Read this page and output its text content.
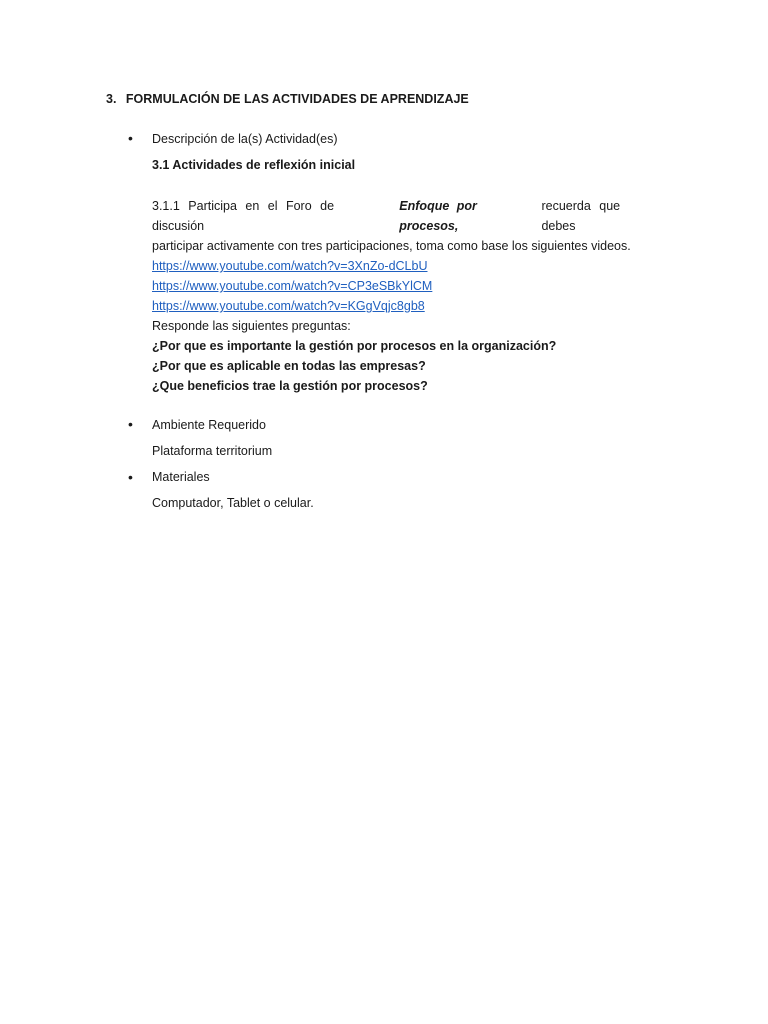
3. FORMULACIÓN DE LAS ACTIVIDADES DE APRENDIZAJE
• Descripción de la(s) Actividad(es)
3.1 Actividades de reflexión inicial
3.1.1 Participa en el Foro de discusión
Enfoque por procesos,
recuerda que debes
participar activamente con tres participaciones, toma como base los siguientes videos.
https://www.youtube.com/watch?v=3XnZo-dCLbU
https://www.youtube.com/watch?v=CP3eSBkYlCM
https://www.youtube.com/watch?v=KGgVqjc8gb8
Responde las siguientes preguntas:
¿Por que es importante la gestión por procesos en la organización?
¿Por que es aplicable en todas las empresas?
¿Que beneficios trae la gestión por procesos?
• Ambiente Requerido
Plataforma territorium
• Materiales
Computador, Tablet o celular.
